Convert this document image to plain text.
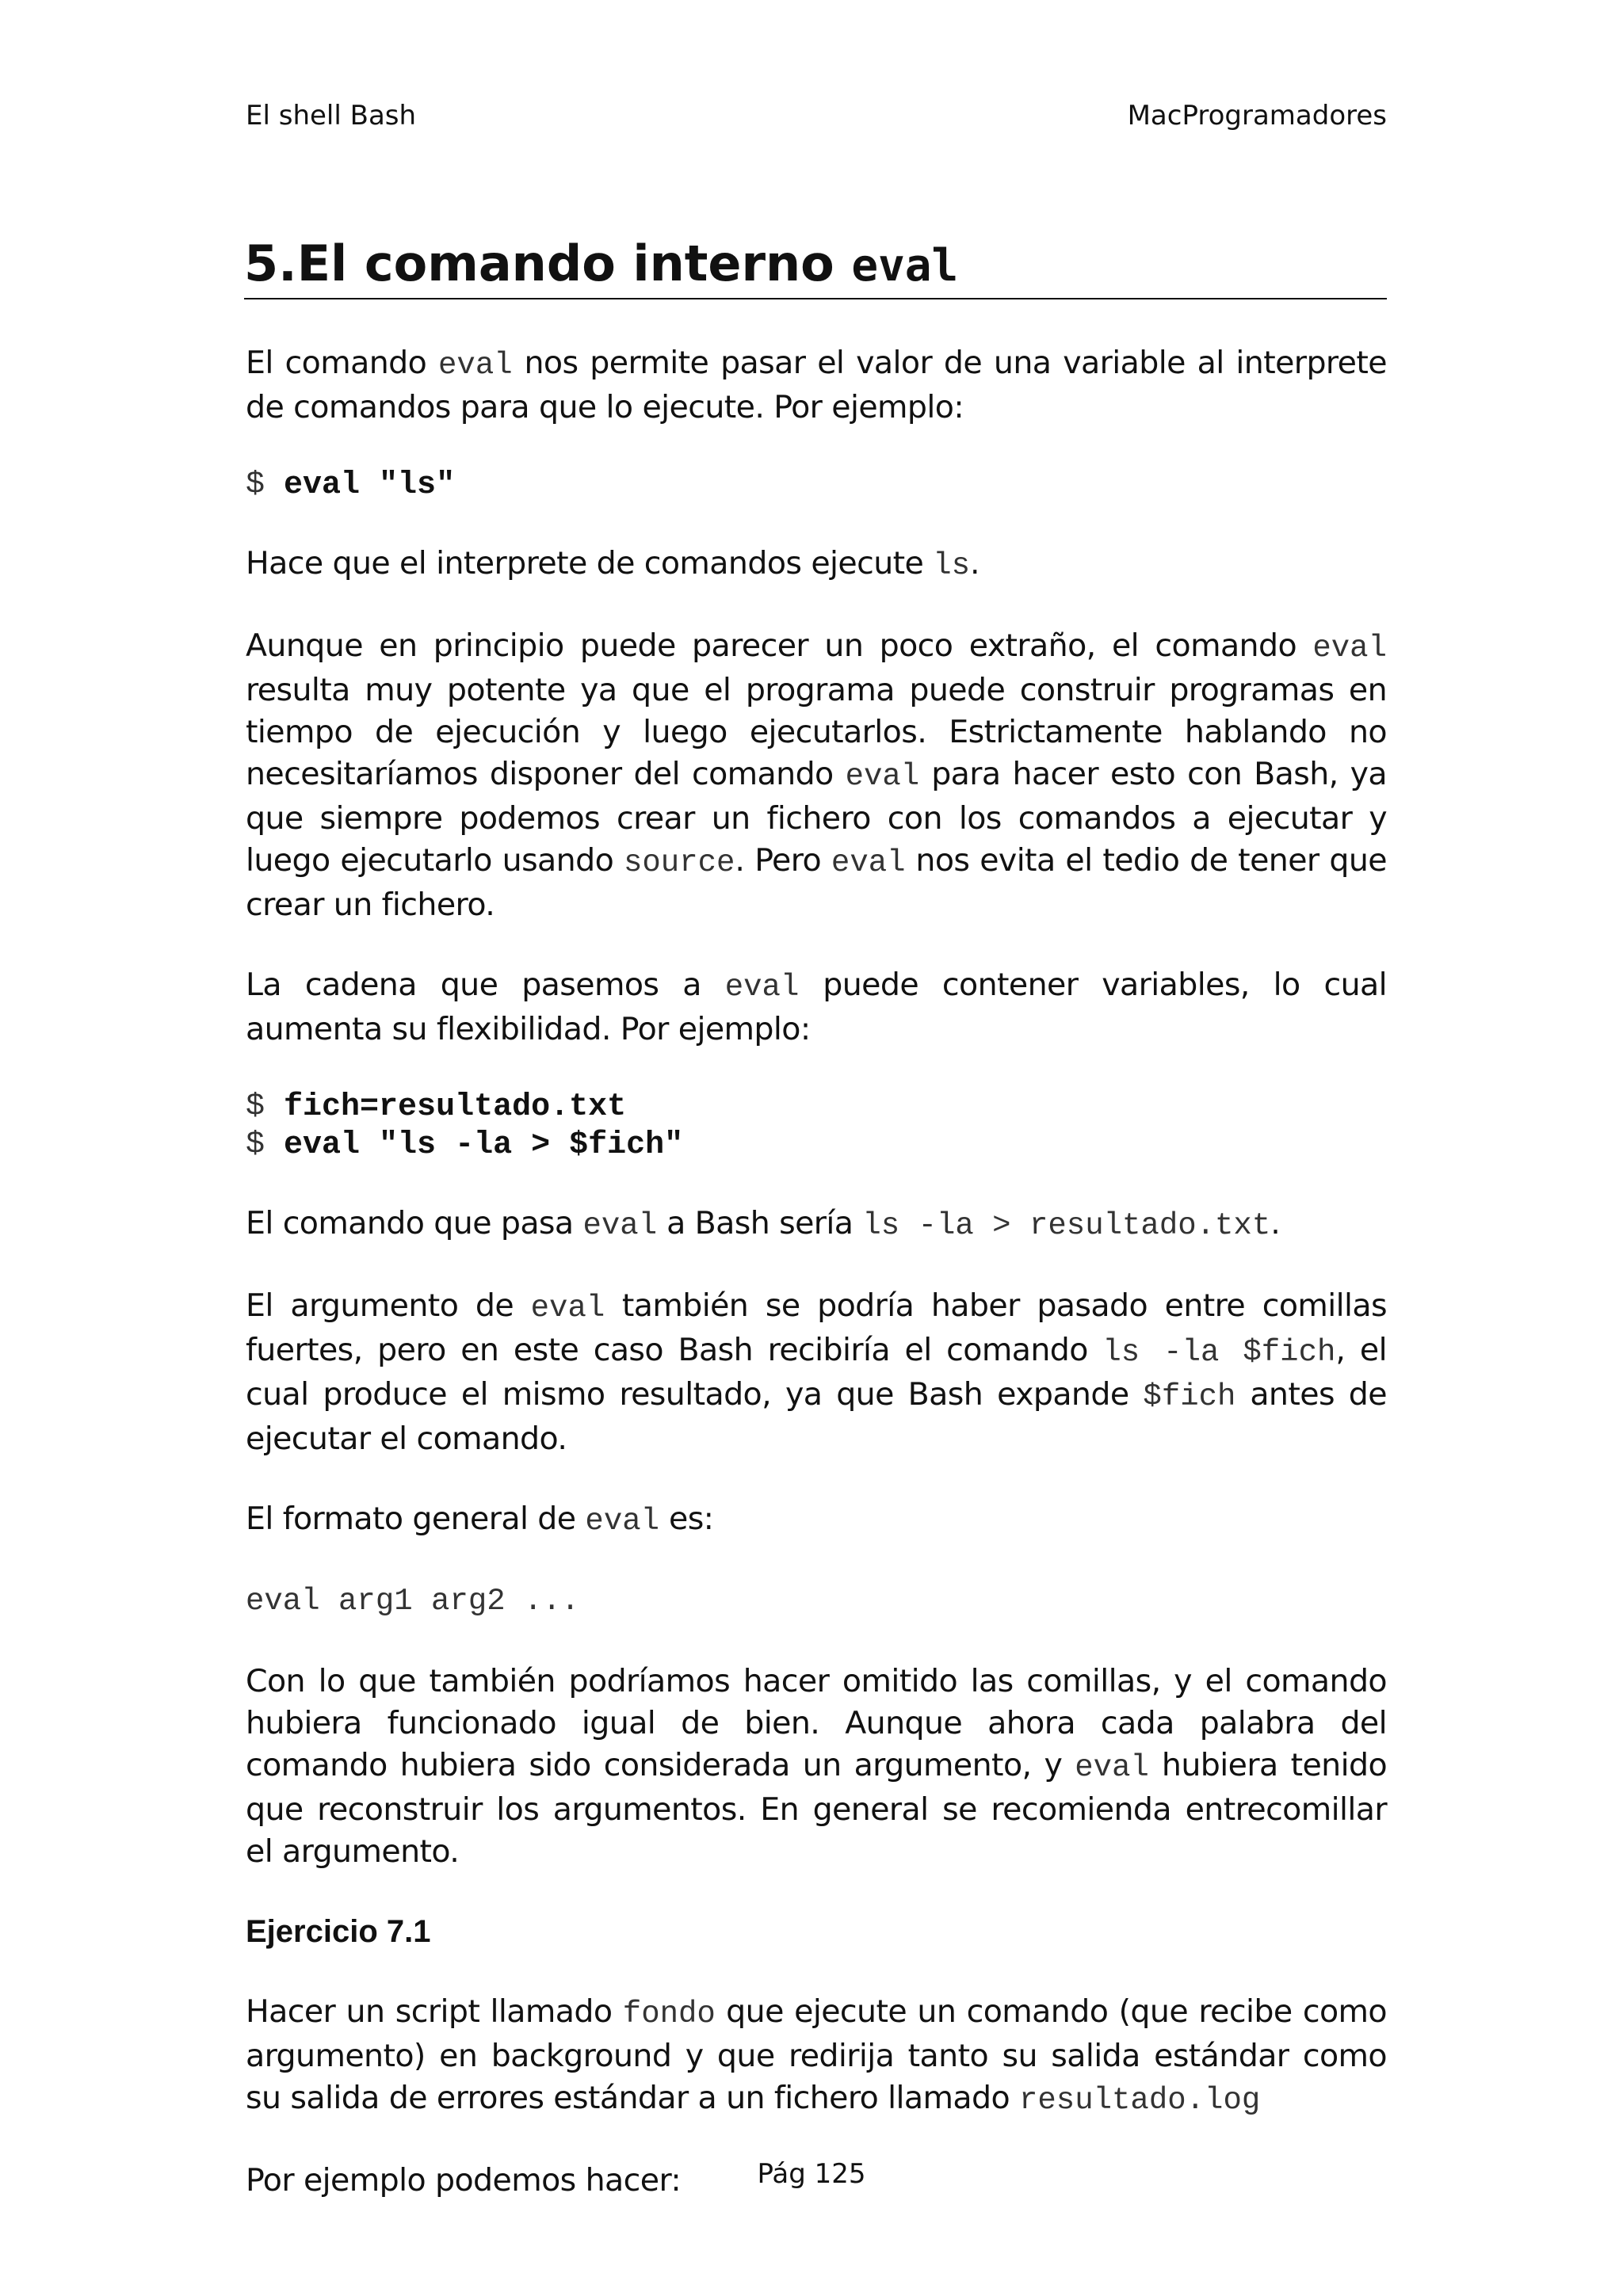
El shell Bash	MacProgramadores
5.El comando interno eval

El comando eval nos permite pasar el valor de una variable al interprete de comandos para que lo ejecute. Por ejemplo:

$ eval "ls"

Hace que el interprete de comandos ejecute ls.

Aunque en principio puede parecer un poco extraño, el comando eval resulta muy potente ya que el programa puede construir programas en tiempo de ejecución y luego ejecutarlos. Estrictamente hablando no necesitaríamos disponer del comando eval para hacer esto con Bash, ya que siempre podemos crear un fichero con los comandos a ejecutar y luego ejecutarlo usando source. Pero eval nos evita el tedio de tener que crear un fichero.

La cadena que pasemos a eval puede contener variables, lo cual aumenta su flexibilidad. Por ejemplo:

$ fich=resultado.txt
$ eval "ls -la > $fich"

El comando que pasa eval a Bash sería ls -la > resultado.txt.

El argumento de eval también se podría haber pasado entre comillas fuertes, pero en este caso Bash recibiría el comando ls -la $fich, el cual produce el mismo resultado, ya que Bash expande $fich antes de ejecutar el comando.

El formato general de eval es:

eval arg1 arg2 ...

Con lo que también podríamos hacer omitido las comillas, y el comando hubiera funcionado igual de bien. Aunque ahora cada palabra del comando hubiera sido considerada un argumento, y eval hubiera tenido que reconstruir los argumentos. En general se recomienda entrecomillar el argumento.

Ejercicio 7.1

Hacer un script llamado fondo que ejecute un comando (que recibe como argumento) en background y que redirija tanto su salida estándar como su salida de errores estándar a un fichero llamado resultado.log

Por ejemplo podemos hacer:	Pág 125
